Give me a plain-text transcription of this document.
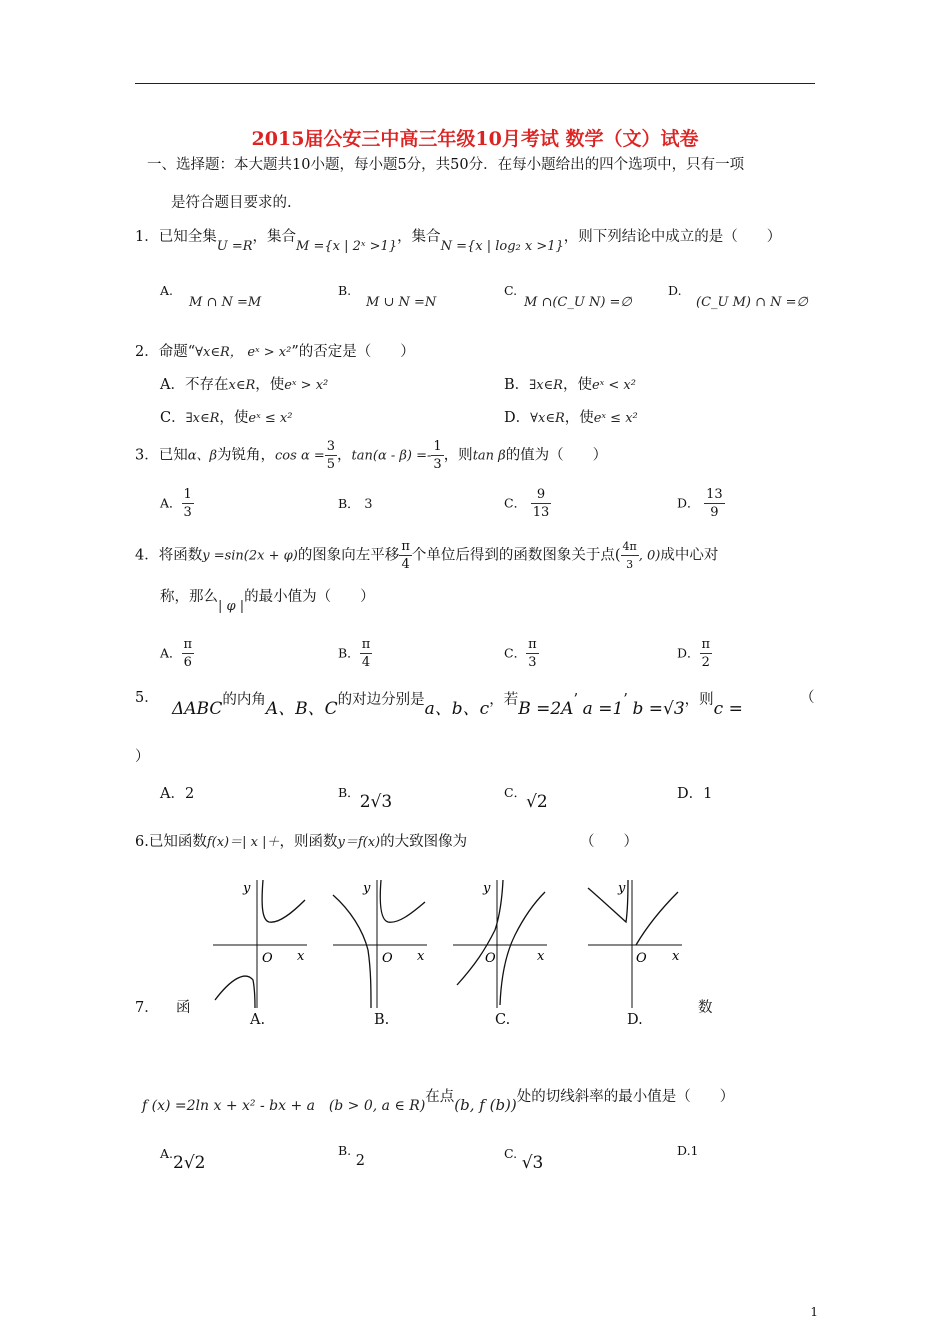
2015届公安三中高三年级10月考试 数学（文）试卷
一、选择题：本大题共10小题，每小题5分，共50分．在每小题给出的四个选项中，只有一项
是符合题目要求的.
1．已知全集U =R，集合M ={x | 2ˣ >1}，集合N ={x | log₂ x >1}，则下列结论中成立的是（　　）
A.
M ∩ N =M
B.
M ∪ N =N
C.
M ∩(C_U N) =∅
D.
(C_U M) ∩ N =∅
2．命题“∀x∈R， eˣ > x²”的否定是（　　）
A．不存在x∈R，使eˣ > x²	B．∃x∈R，使eˣ < x²
C．∃x∈R，使eˣ ≤ x²	D．∀x∈R，使eˣ ≤ x²
3．已知α、β为锐角，$\cos \alpha = \frac{3}{5}$ ，$\tan(\alpha - \beta) =- \frac{1}{3}$ ，则tan β的值为（　　）
A． $\frac{1}{3}$	B． 3	C． $\frac{9}{13}$	D． $\frac{13}{9}$
4．将函数y =sin(2x + φ)的图象向左平移 $\frac{\pi}{4}$ 个单位后得到的函数图象关于点( $\frac{4\pi}{3}$ , 0)成中心对
称，那么| φ |的最小值为（　　）
A． $\frac{\pi}{6}$	B． $\frac{\pi}{4}$	C． $\frac{\pi}{3}$	D． $\frac{\pi}{2}$
5．
ΔABC的内角A、B、C的对边分别是a、b、c，若B =2A’ a =1’ b =√3，则c =
（
）
A．2	B．2√3	C．√2	D．1
6.已知函数f(x)＝| x |＋，则函数y＝f(x)的大致图像为	（　　）
y
x
O
y
x
O
y
x
O
y
x
O
A.	B.	C.	D.
7． 函	数
f (x) =2ln x + x² - bx + a (b > 0, a ∈ R)在点(b, f (b))处的切线斜率的最小值是（　　）
A.2√2
B. 2	C. √3
D.1
1
